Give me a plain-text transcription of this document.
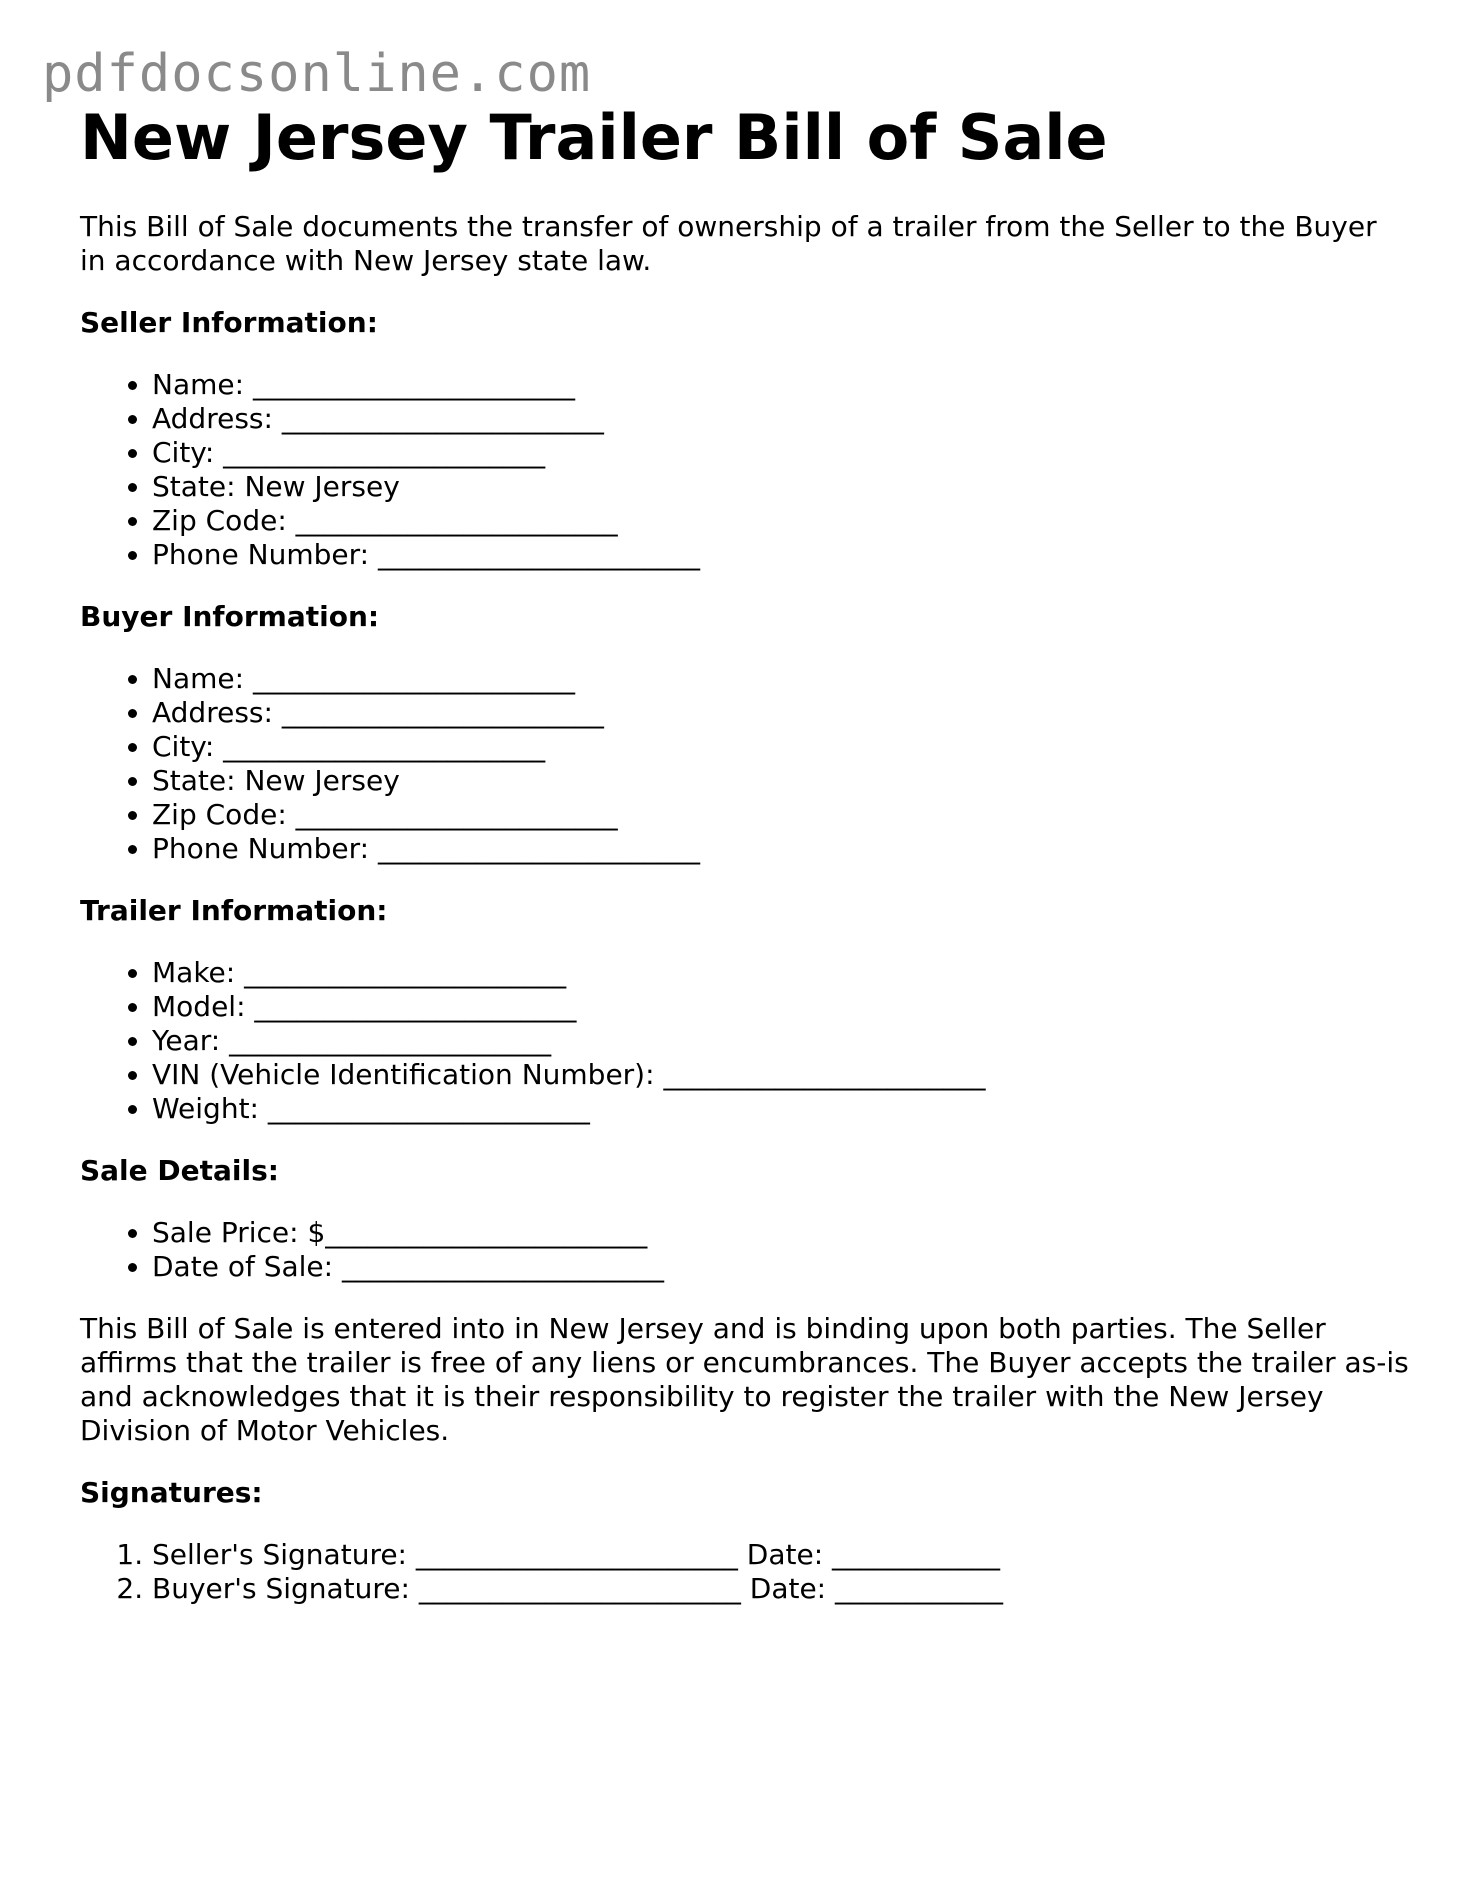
pdfdocsonline.com
New Jersey Trailer Bill of Sale

This Bill of Sale documents the transfer of ownership of a trailer from the Seller to the Buyer in accordance with New Jersey state law.

Seller Information:
• Name: _______________________
• Address: _______________________
• City: _______________________
• State: New Jersey
• Zip Code: _______________________
• Phone Number: _______________________
Buyer Information:
• Name: _______________________
• Address: _______________________
• City: _______________________
• State: New Jersey
• Zip Code: _______________________
• Phone Number: _______________________
Trailer Information:
• Make: _______________________
• Model: _______________________
• Year: _______________________
• VIN (Vehicle Identification Number): _______________________
• Weight: _______________________
Sale Details:
• Sale Price: $_______________________
• Date of Sale: _______________________

This Bill of Sale is entered into in New Jersey and is binding upon both parties. The Seller affirms that the trailer is free of any liens or encumbrances. The Buyer accepts the trailer as-is and acknowledges that it is their responsibility to register the trailer with the New Jersey Division of Motor Vehicles.

Signatures:
1. Seller's Signature: _______________________ Date: ____________
2. Buyer's Signature: _______________________ Date: ____________
